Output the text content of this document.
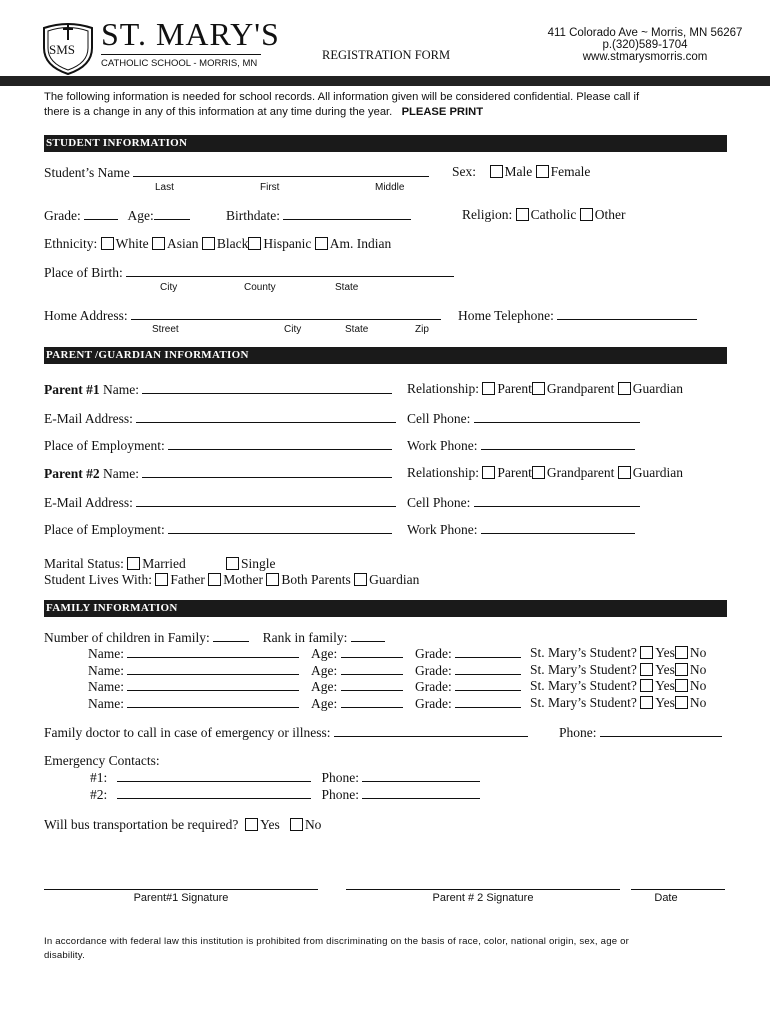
SMS ST. MARY'S
CATHOLIC SCHOOL - MORRIS, MN
REGISTRATION FORM
411 Colorado Ave ~ Morris, MN 56267
p.(320)589-1704
www.stmarysmorris.com
The following information is needed for school records. All information given will be considered confidential. Please call if
there is a change in any of this information at any time during the year. PLEASE PRINT
STUDENT INFORMATION
Student’s Name
Last	First	Middle
Sex: Male Female
Grade:	Age:	Birthdate:	Religion: Catholic Other
Ethnicity: White Asian Black Hispanic Am. Indian
Place of Birth:
City	County	State
Home Address:	Home Telephone:
Street	City	State	Zip
PARENT /GUARDIAN INFORMATION
Parent #1 Name:	Relationship: Parent Grandparent Guardian
E-Mail Address:	Cell Phone:
Place of Employment:	Work Phone:
Parent #2 Name:	Relationship: Parent Grandparent Guardian
E-Mail Address:	Cell Phone:
Place of Employment:	Work Phone:
Marital Status: Married	Single
Student Lives With: Father Mother Both Parents Guardian
FAMILY INFORMATION
Number of children in Family:	Rank in family:
Name:	Age:	Grade:	St. Mary’s Student? Yes No
Name:	Age:	Grade:	St. Mary’s Student? Yes No
Name:	Age:	Grade:	St. Mary’s Student? Yes No
Name:	Age:	Grade:	St. Mary’s Student? Yes No
Family doctor to call in case of emergency or illness:	Phone:
Emergency Contacts:
#1:	Phone:
#2:	Phone:
Will bus transportation be required? Yes No
Parent#1 Signature	Parent # 2 Signature	Date
In accordance with federal law this institution is prohibited from discriminating on the basis of race, color, national origin, sex, age or
disability.
